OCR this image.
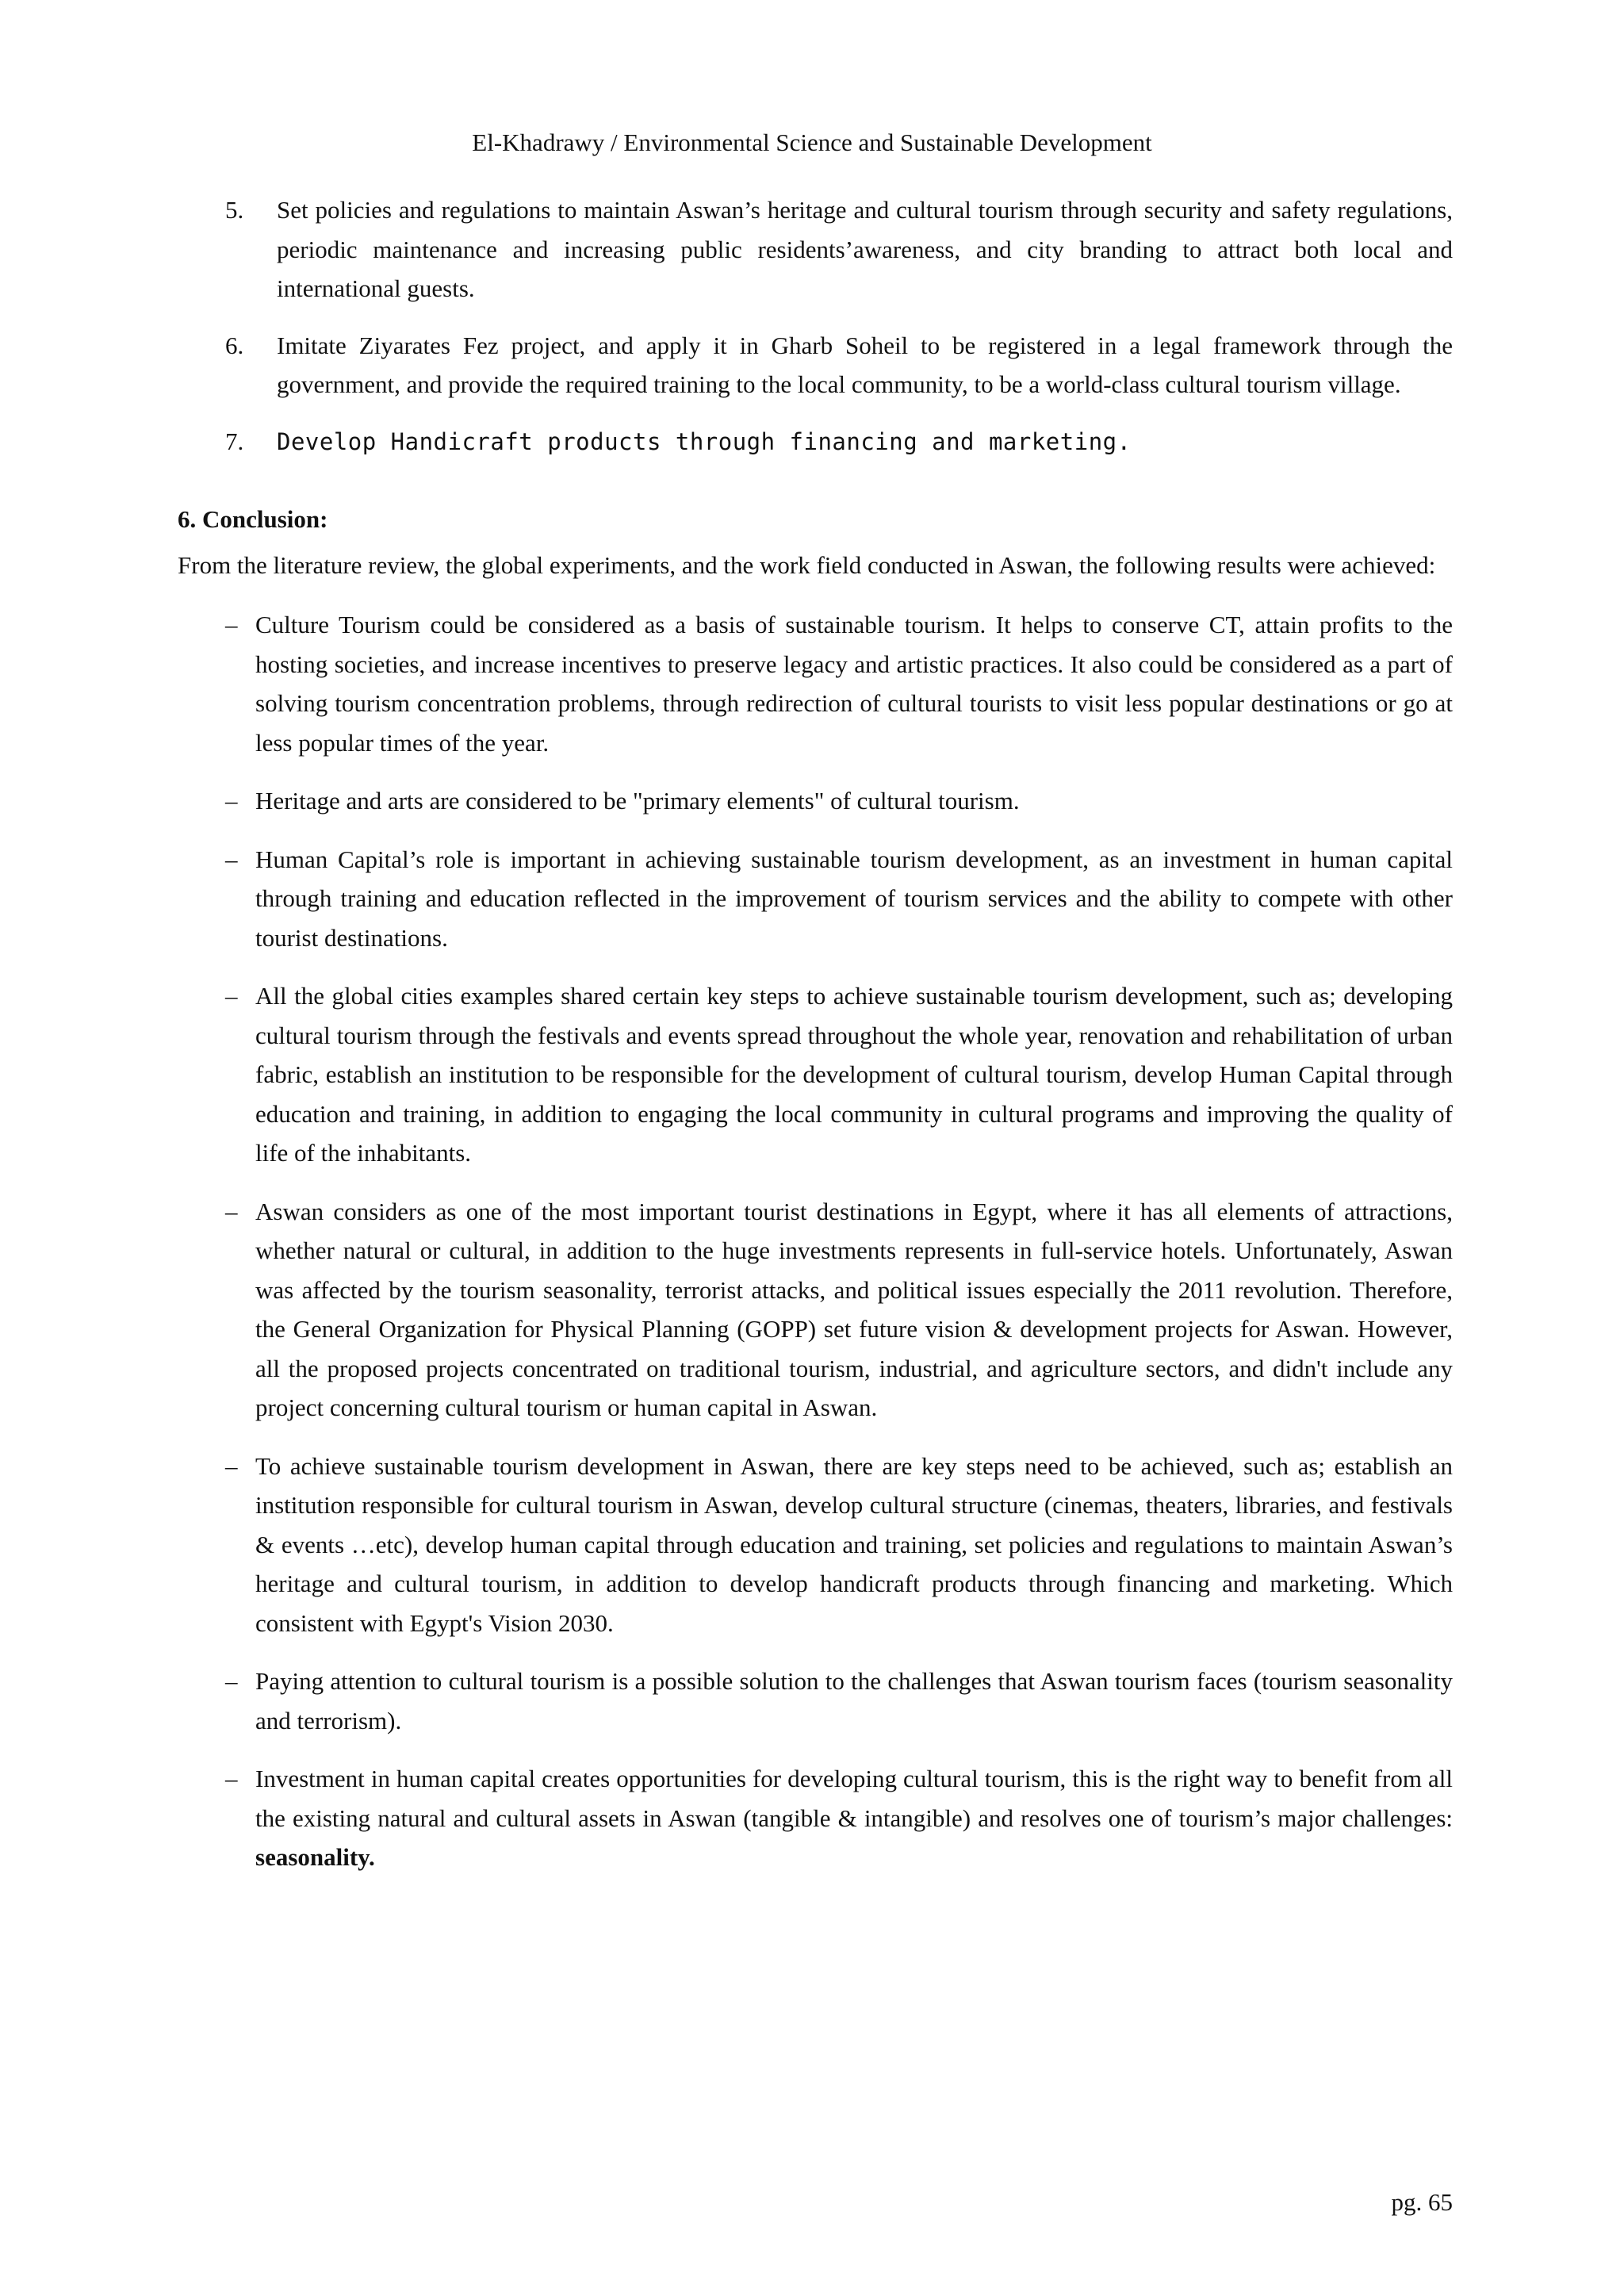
El-Khadrawy / Environmental Science and Sustainable Development
5. Set policies and regulations to maintain Aswan’s heritage and cultural tourism through security and safety regulations, periodic maintenance and increasing public residents’awareness, and city branding to attract both local and international guests.
6. Imitate Ziyarates Fez project, and apply it in Gharb Soheil to be registered in a legal framework through the government, and provide the required training to the local community, to be a world-class cultural tourism village.
7. Develop Handicraft products through financing and marketing.

6. Conclusion:

From the literature review, the global experiments, and the work field conducted in Aswan, the following results were achieved:

– Culture Tourism could be considered as a basis of sustainable tourism. It helps to conserve CT, attain profits to the hosting societies, and increase incentives to preserve legacy and artistic practices. It also could be considered as a part of solving tourism concentration problems, through redirection of cultural tourists to visit less popular destinations or go at less popular times of the year.
– Heritage and arts are considered to be "primary elements" of cultural tourism.
– Human Capital’s role is important in achieving sustainable tourism development, as an investment in human capital through training and education reflected in the improvement of tourism services and the ability to compete with other tourist destinations.
– All the global cities examples shared certain key steps to achieve sustainable tourism development, such as; developing cultural tourism through the festivals and events spread throughout the whole year, renovation and rehabilitation of urban fabric, establish an institution to be responsible for the development of cultural tourism, develop Human Capital through education and training, in addition to engaging the local community in cultural programs and improving the quality of life of the inhabitants.
– Aswan considers as one of the most important tourist destinations in Egypt, where it has all elements of attractions, whether natural or cultural, in addition to the huge investments represents in full-service hotels. Unfortunately, Aswan was affected by the tourism seasonality, terrorist attacks, and political issues especially the 2011 revolution. Therefore, the General Organization for Physical Planning (GOPP) set future vision & development projects for Aswan. However, all the proposed projects concentrated on traditional tourism, industrial, and agriculture sectors, and didn't include any project concerning cultural tourism or human capital in Aswan.
– To achieve sustainable tourism development in Aswan, there are key steps need to be achieved, such as; establish an institution responsible for cultural tourism in Aswan, develop cultural structure (cinemas, theaters, libraries, and festivals & events …etc), develop human capital through education and training, set policies and regulations to maintain Aswan’s heritage and cultural tourism, in addition to develop handicraft products through financing and marketing. Which consistent with Egypt's Vision 2030.
– Paying attention to cultural tourism is a possible solution to the challenges that Aswan tourism faces (tourism seasonality and terrorism).
– Investment in human capital creates opportunities for developing cultural tourism, this is the right way to benefit from all the existing natural and cultural assets in Aswan (tangible & intangible) and resolves one of tourism’s major challenges: seasonality.
pg. 65
